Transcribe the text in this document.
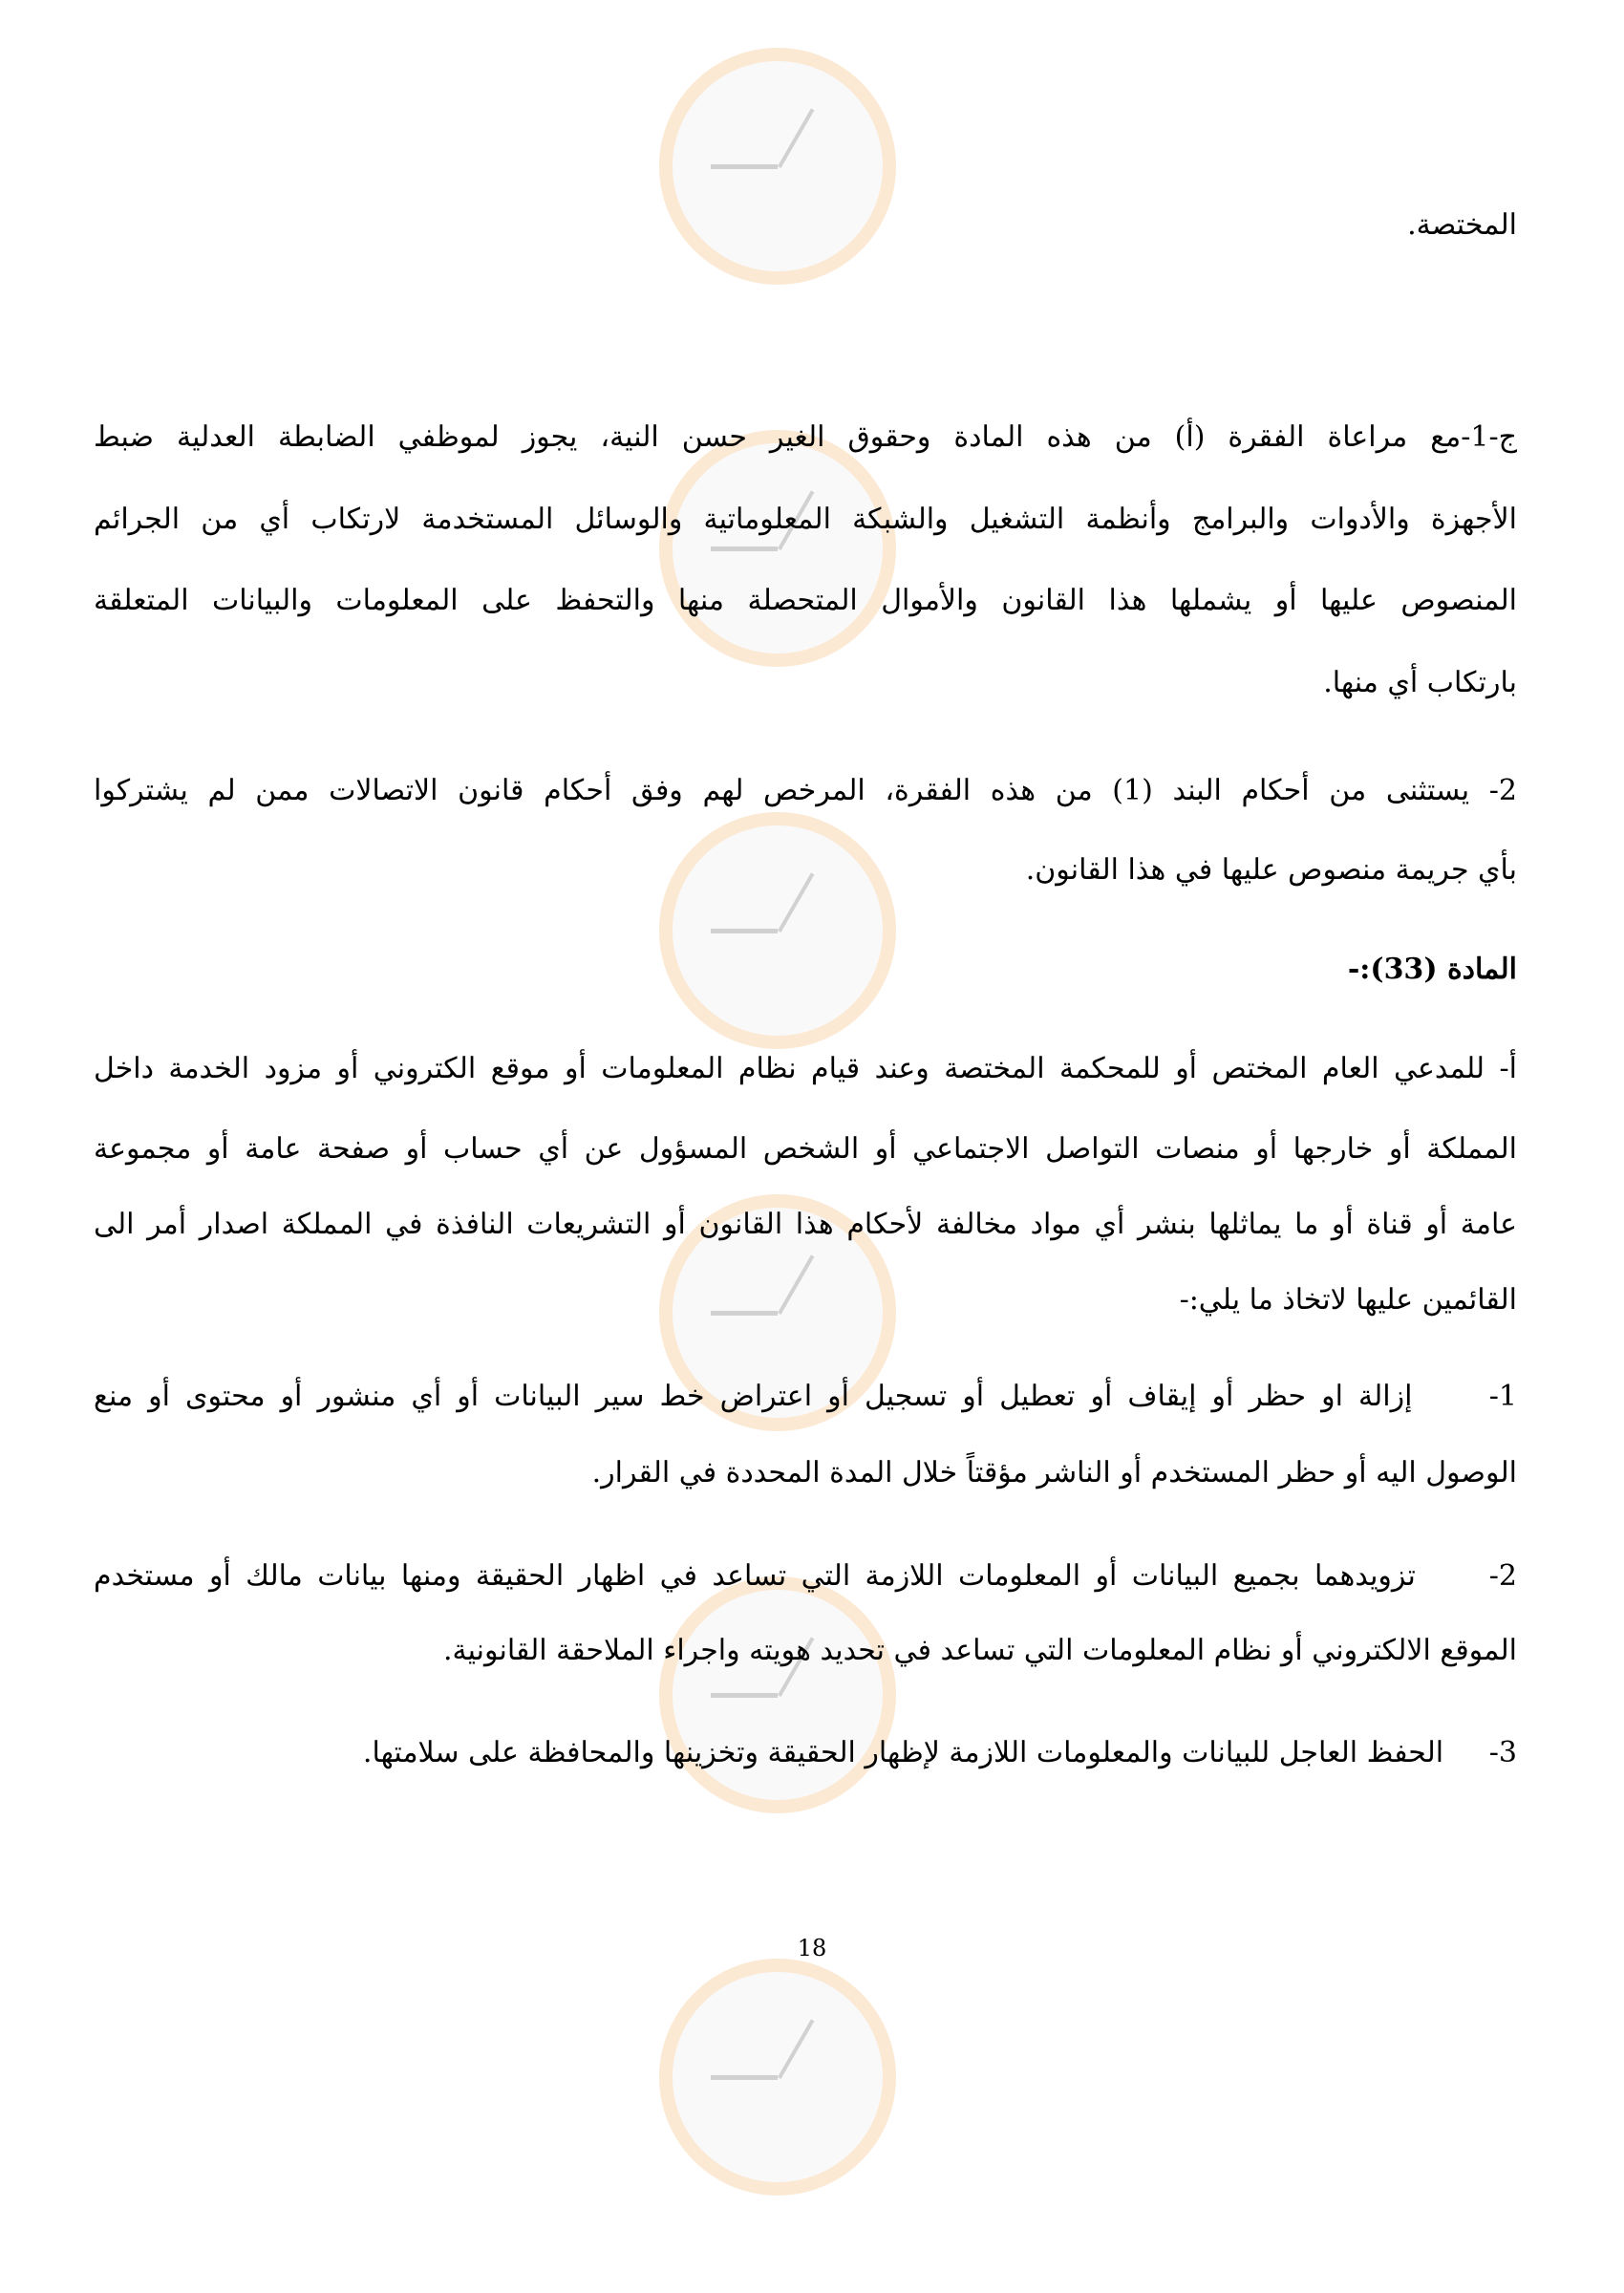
المختصة.
ج-1-مع مراعاة الفقرة (أ) من هذه المادة وحقوق الغير حسن النية، يجوز لموظفي الضابطة العدلية ضبط
الأجهزة والأدوات والبرامج وأنظمة التشغيل والشبكة المعلوماتية والوسائل المستخدمة لارتكاب أي من الجرائم
المنصوص عليها أو يشملها هذا القانون والأموال المتحصلة منها والتحفظ على المعلومات والبيانات المتعلقة
بارتكاب أي منها.
2- يستثنى من أحكام البند (1) من هذه الفقرة، المرخص لهم وفق أحكام قانون الاتصالات ممن لم يشتركوا
بأي جريمة منصوص عليها في هذا القانون.
المادة (33):-
أ- للمدعي العام المختص أو للمحكمة المختصة وعند قيام نظام المعلومات أو موقع الكتروني أو مزود الخدمة داخل
المملكة أو خارجها أو منصات التواصل الاجتماعي أو الشخص المسؤول عن أي حساب أو صفحة عامة أو مجموعة
عامة أو قناة أو ما يماثلها بنشر أي مواد مخالفة لأحكام هذا القانون أو التشريعات النافذة في المملكة اصدار أمر الى
القائمين عليها لاتخاذ ما يلي:-
1-     إزالة او حظر أو إيقاف أو تعطيل أو تسجيل أو اعتراض خط سير البيانات أو أي منشور أو محتوى أو منع
الوصول اليه أو حظر المستخدم أو الناشر مؤقتاً خلال المدة المحددة في القرار.
2-     تزويدهما بجميع البيانات أو المعلومات اللازمة التي تساعد في اظهار الحقيقة ومنها بيانات مالك أو مستخدم
الموقع الالكتروني أو نظام المعلومات التي تساعد في تحديد هويته واجراء الملاحقة القانونية.
3-     الحفظ العاجل للبيانات والمعلومات اللازمة لإظهار الحقيقة وتخزينها والمحافظة على سلامتها.
18
